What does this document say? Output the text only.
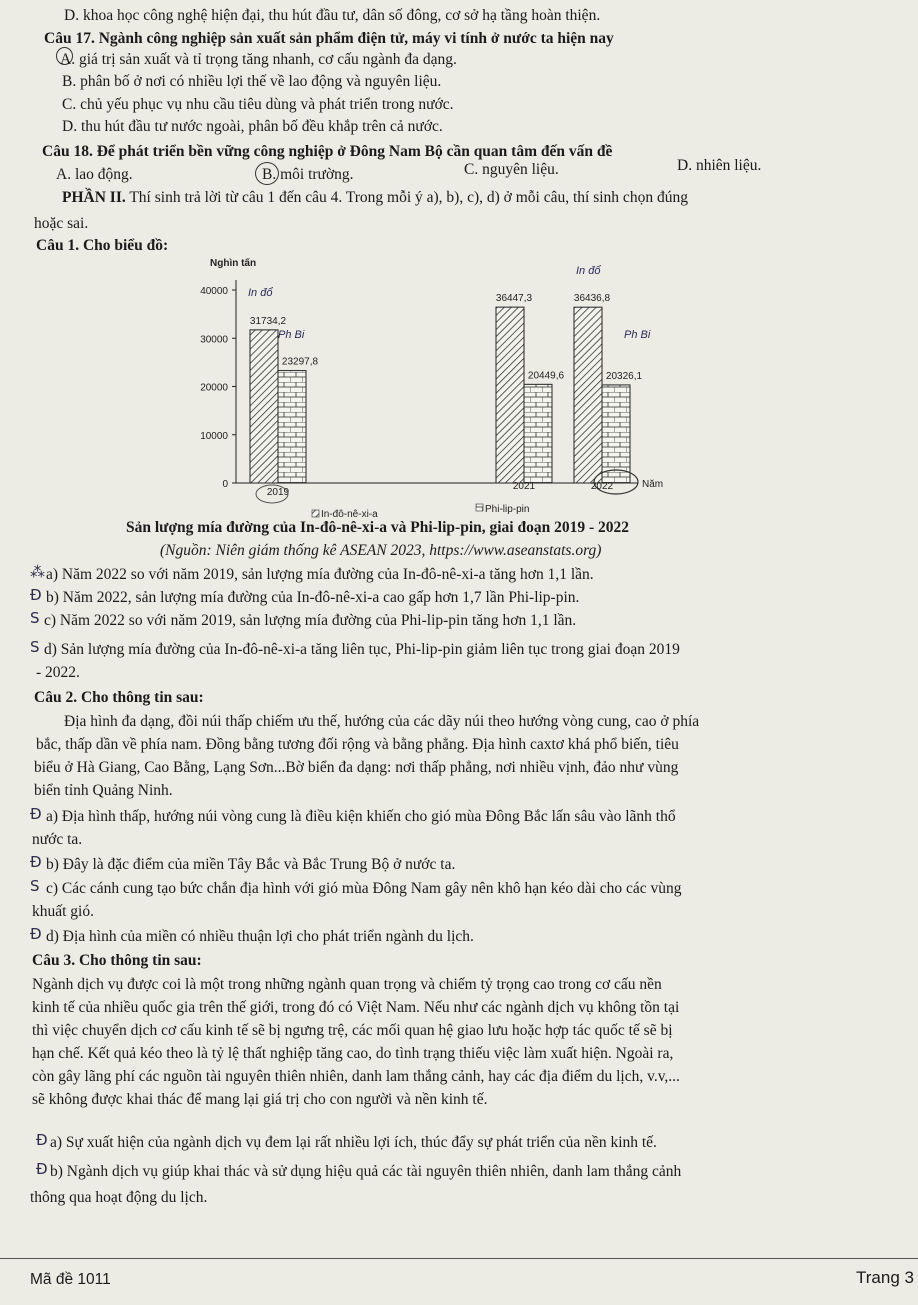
D. khoa học công nghệ hiện đại, thu hút đầu tư, dân số đông, cơ sở hạ tầng hoàn thiện.
Câu 17. Ngành công nghiệp sản xuất sản phẩm điện tử, máy vi tính ở nước ta hiện nay
A. giá trị sản xuất và tỉ trọng tăng nhanh, cơ cấu ngành đa dạng.
B. phân bố ở nơi có nhiều lợi thế về lao động và nguyên liệu.
C. chủ yếu phục vụ nhu cầu tiêu dùng và phát triển trong nước.
D. thu hút đầu tư nước ngoài, phân bố đều khắp trên cả nước.
Câu 18. Để phát triển bền vững công nghiệp ở Đông Nam Bộ cần quan tâm đến vấn đề
A. lao động.	B. môi trường.	C. nguyên liệu.	D. nhiên liệu.
PHẦN II. Thí sinh trả lời từ câu 1 đến câu 4. Trong mỗi ý a), b), c), d) ở mỗi câu, thí sinh chọn đúng
hoặc sai.
Câu 1. Cho biểu đồ:
Nghìn tấn
0
10000
20000
30000
40000
31734,2
23297,8
2019
36447,3
20449,6
2021
36436,8
20326,1
2022	Năm
In-đô-nê-xi-a	Phi-lip-pin
In đổ
In đổ
Ph Bi	Ph Bi
Sản lượng mía đường của In-đô-nê-xi-a và Phi-lip-pin, giai đoạn 2019 - 2022
(Nguồn: Niên giám thống kê ASEAN 2023, https://www.aseanstats.org)
⁂ a) Năm 2022 so với năm 2019, sản lượng mía đường của In-đô-nê-xi-a tăng hơn 1,1 lần.
Ɖ b) Năm 2022, sản lượng mía đường của In-đô-nê-xi-a cao gấp hơn 1,7 lần Phi-lip-pin.
S c) Năm 2022 so với năm 2019, sản lượng mía đường của Phi-lip-pin tăng hơn 1,1 lần.
S d) Sản lượng mía đường của In-đô-nê-xi-a tăng liên tục, Phi-lip-pin giảm liên tục trong giai đoạn 2019
- 2022.
Câu 2. Cho thông tin sau:
Địa hình đa dạng, đồi núi thấp chiếm ưu thế, hướng của các dãy núi theo hướng vòng cung, cao ở phía
bắc, thấp dần về phía nam. Đồng bằng tương đối rộng và bằng phẳng. Địa hình caxtơ khá phổ biến, tiêu
biểu ở Hà Giang, Cao Bằng, Lạng Sơn...Bờ biển đa dạng: nơi thấp phẳng, nơi nhiều vịnh, đảo như vùng
biển tỉnh Quảng Ninh.
Ɖ a) Địa hình thấp, hướng núi vòng cung là điều kiện khiến cho gió mùa Đông Bắc lấn sâu vào lãnh thổ
nước ta.
Ɖ b) Đây là đặc điểm của miền Tây Bắc và Bắc Trung Bộ ở nước ta.
S c) Các cánh cung tạo bức chắn địa hình với gió mùa Đông Nam gây nên khô hạn kéo dài cho các vùng
khuất gió.
Ɖ d) Địa hình của miền có nhiều thuận lợi cho phát triển ngành du lịch.
Câu 3. Cho thông tin sau:
Ngành dịch vụ được coi là một trong những ngành quan trọng và chiếm tỷ trọng cao trong cơ cấu nền
kinh tế của nhiều quốc gia trên thế giới, trong đó có Việt Nam. Nếu như các ngành dịch vụ không tồn tại
thì việc chuyển dịch cơ cấu kinh tế sẽ bị ngưng trệ, các mối quan hệ giao lưu hoặc hợp tác quốc tế sẽ bị
hạn chế. Kết quả kéo theo là tỷ lệ thất nghiệp tăng cao, do tình trạng thiếu việc làm xuất hiện. Ngoài ra,
còn gây lãng phí các nguồn tài nguyên thiên nhiên, danh lam thắng cảnh, hay các địa điểm du lịch, v.v,...
sẽ không được khai thác để mang lại giá trị cho con người và nền kinh tế.
Ɖ a) Sự xuất hiện của ngành dịch vụ đem lại rất nhiều lợi ích, thúc đẩy sự phát triển của nền kinh tế.
Ɖ b) Ngành dịch vụ giúp khai thác và sử dụng hiệu quả các tài nguyên thiên nhiên, danh lam thắng cảnh
thông qua hoạt động du lịch.
Mã đề 1011	Trang 3
